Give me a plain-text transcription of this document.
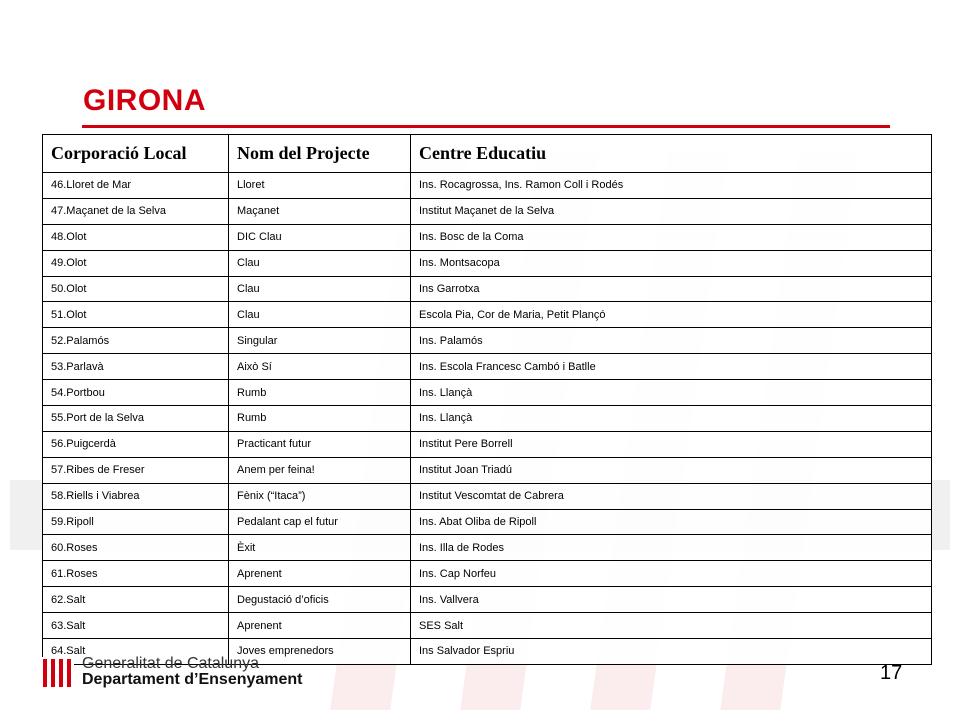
GIRONA
Corporació Local	Nom del Projecte	Centre Educatiu
46.Lloret de Mar	Lloret	Ins. Rocagrossa, Ins. Ramon Coll i Rodés
47.Maçanet de la Selva	Maçanet	Institut Maçanet de la Selva
48.Olot	DIC Clau	Ins. Bosc de la Coma
49.Olot	Clau	Ins. Montsacopa
50.Olot	Clau	Ins Garrotxa
51.Olot	Clau	Escola Pia, Cor de Maria, Petit Plançó
52.Palamós	Singular	Ins. Palamós
53.Parlavà	Això Sí	Ins. Escola Francesc Cambó i Batlle
54.Portbou	Rumb	Ins. Llançà
55.Port de la Selva	Rumb	Ins. Llançà
56.Puigcerdà	Practicant futur	Institut Pere Borrell
57.Ribes de Freser	Anem per feina!	Institut Joan Triadú
58.Riells i Viabrea	Fènix (“Itaca”)	Institut Vescomtat de Cabrera
59.Ripoll	Pedalant cap el futur	Ins. Abat Oliba de Ripoll
60.Roses	Èxit	Ins. Illa de Rodes
61.Roses	Aprenent	Ins. Cap Norfeu
62.Salt	Degustació d’oficis	Ins. Vallvera
63.Salt	Aprenent	SES Salt
64.Salt	Joves emprenedors	Ins Salvador Espriu
Generalitat de Catalunya
Departament d’Ensenyament	17
